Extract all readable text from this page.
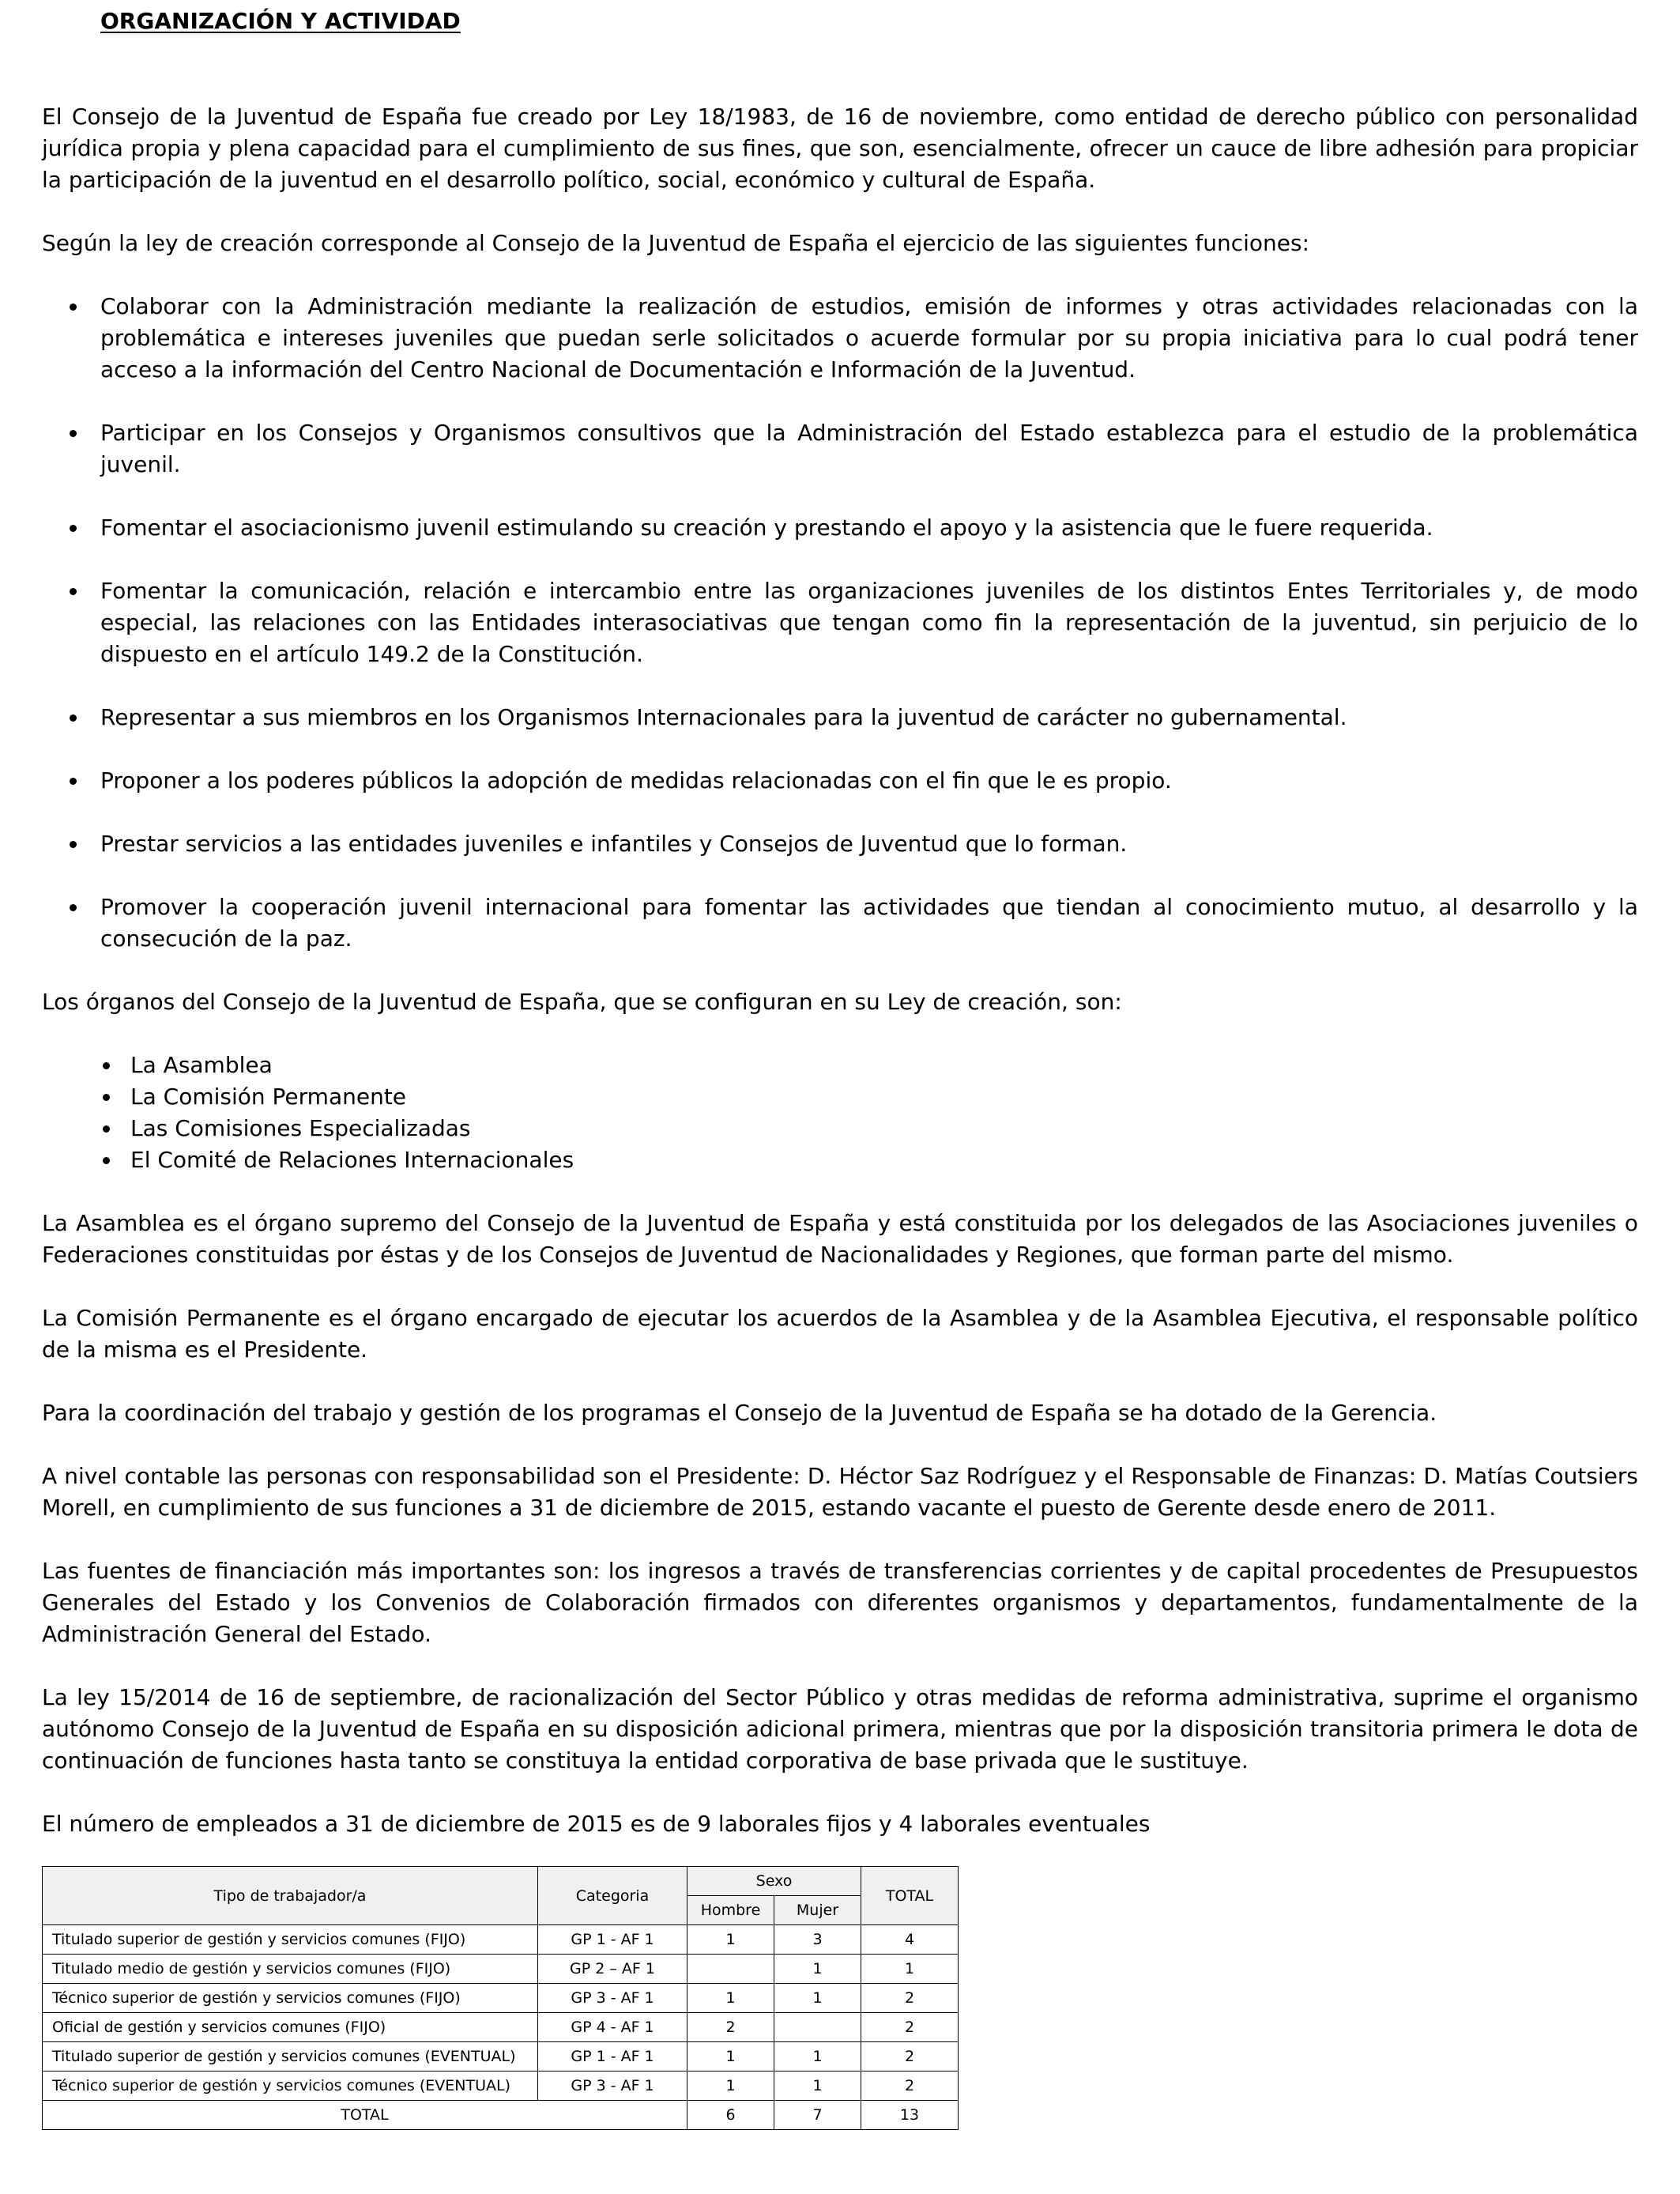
ORGANIZACIÓN Y ACTIVIDAD

El Consejo de la Juventud de España fue creado por Ley 18/1983, de 16 de noviembre, como entidad de derecho público con personalidad jurídica propia y plena capacidad para el cumplimiento de sus fines, que son, esencialmente, ofrecer un cauce de libre adhesión para propiciar la participación de la juventud en el desarrollo político, social, económico y cultural de España.

Según la ley de creación corresponde al Consejo de la Juventud de España el ejercicio de las siguientes funciones:

Colaborar con la Administración mediante la realización de estudios, emisión de informes y otras actividades relacionadas con la problemática e intereses juveniles que puedan serle solicitados o acuerde formular por su propia iniciativa para lo cual podrá tener acceso a la información del Centro Nacional de Documentación e Información de la Juventud.
Participar en los Consejos y Organismos consultivos que la Administración del Estado establezca para el estudio de la problemática juvenil.
Fomentar el asociacionismo juvenil estimulando su creación y prestando el apoyo y la asistencia que le fuere requerida.
Fomentar la comunicación, relación e intercambio entre las organizaciones juveniles de los distintos Entes Territoriales y, de modo especial, las relaciones con las Entidades interasociativas que tengan como fin la representación de la juventud, sin perjuicio de lo dispuesto en el artículo 149.2 de la Constitución.
Representar a sus miembros en los Organismos Internacionales para la juventud de carácter no gubernamental.
Proponer a los poderes públicos la adopción de medidas relacionadas con el fin que le es propio.
Prestar servicios a las entidades juveniles e infantiles y Consejos de Juventud que lo forman.
Promover la cooperación juvenil internacional para fomentar las actividades que tiendan al conocimiento mutuo, al desarrollo y la consecución de la paz.

Los órganos del Consejo de la Juventud de España, que se configuran en su Ley de creación, son:

La Asamblea
La Comisión Permanente
Las Comisiones Especializadas
El Comité de Relaciones Internacionales

La Asamblea es el órgano supremo del Consejo de la Juventud de España y está constituida por los delegados de las Asociaciones juveniles o Federaciones constituidas por éstas y de los Consejos de Juventud de Nacionalidades y Regiones, que forman parte del mismo.

La Comisión Permanente es el órgano encargado de ejecutar los acuerdos de la Asamblea y de la Asamblea Ejecutiva, el responsable político de la misma es el Presidente.

Para la coordinación del trabajo y gestión de los programas el Consejo de la Juventud de España se ha dotado de la Gerencia.

A nivel contable las personas con responsabilidad son el Presidente: D. Héctor Saz Rodríguez y el Responsable de Finanzas: D. Matías Coutsiers Morell, en cumplimiento de sus funciones a 31 de diciembre de 2015, estando vacante el puesto de Gerente desde enero de 2011.

Las fuentes de financiación más importantes son: los ingresos a través de transferencias corrientes y de capital procedentes de Presupuestos Generales del Estado y los Convenios de Colaboración firmados con diferentes organismos y departamentos, fundamentalmente de la Administración General del Estado.

La ley 15/2014 de 16 de septiembre, de racionalización del Sector Público y otras medidas de reforma administrativa, suprime el organismo autónomo Consejo de la Juventud de España en su disposición adicional primera, mientras que por la disposición transitoria primera le dota de continuación de funciones hasta tanto se constituya la entidad corporativa de base privada que le sustituye.

El número de empleados a 31 de diciembre de 2015 es de 9 laborales fijos y 4 laborales eventuales

Tipo de trabajador/a	Categoria	Sexo		TOTAL
		Hombre	Mujer	
Titulado superior de gestión y servicios comunes (FIJO)	GP 1 - AF 1	1	3	4
Titulado medio de gestión y servicios comunes (FIJO)	GP 2 – AF 1		1	1
Técnico superior de gestión y servicios comunes (FIJO)	GP 3 - AF 1	1	1	2
Oficial de gestión y servicios comunes (FIJO)	GP 4 - AF 1	2		2
Titulado superior de gestión y servicios comunes (EVENTUAL)	GP 1 - AF 1	1	1	2
Técnico superior de gestión y servicios comunes (EVENTUAL)	GP 3 - AF 1	1	1	2
TOTAL		6	7	13
